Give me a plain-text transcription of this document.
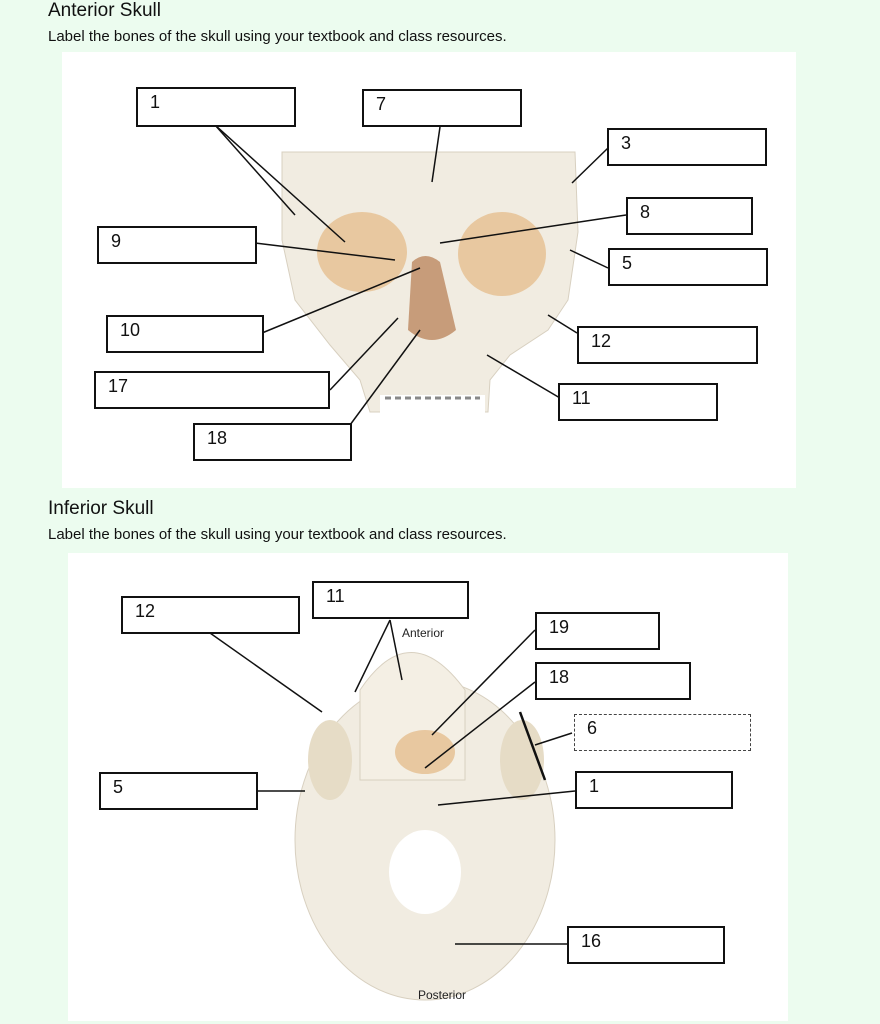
Anterior Skull
Label the bones of the skull using your textbook and class resources.
1	7
3
8
9
5
10
12
17
11
18
Inferior Skull
Label the bones of the skull using your textbook and class resources.
Anterior
Posterior
12
11
19
18
6
5	1
16
